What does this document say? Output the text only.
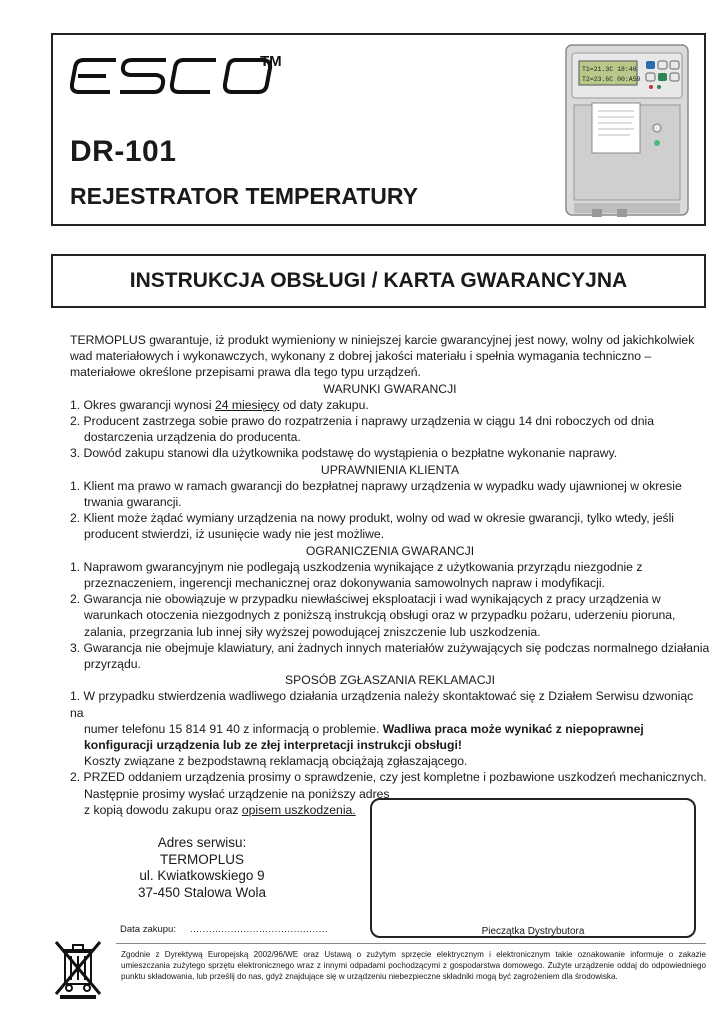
TM
DR-101
REJESTRATOR TEMPERATURY
T1=21.3C 18:46
T2=23.6C 00:A59
INSTRUKCJA OBSŁUGI / KARTA GWARANCYJNA

TERMOPLUS gwarantuje, iż produkt wymieniony w niniejszej karcie gwarancyjnej jest nowy, wolny od jakichkolwiek wad materiałowych i wykonawczych, wykonany z dobrej jakości materiału i spełnia wymagania techniczno – materiałowe określone przepisami prawa dla tego typu urządzeń.

WARUNKI GWARANCJI

1. Okres gwarancji wynosi 24 miesięcy od daty zakupu.

2. Producent zastrzega sobie prawo do rozpatrzenia i naprawy urządzenia w ciągu 14 dni roboczych od dnia

dostarczenia urządzenia do producenta.

3. Dowód zakupu stanowi dla użytkownika podstawę do wystąpienia o bezpłatne wykonanie naprawy.

UPRAWNIENIA KLIENTA

1. Klient ma prawo w ramach gwarancji do bezpłatnej naprawy urządzenia w wypadku wady ujawnionej w okresie

trwania gwarancji.

2. Klient może żądać wymiany urządzenia na nowy produkt, wolny od wad w okresie gwarancji, tylko wtedy, jeśli

producent stwierdzi, iż usunięcie wady nie jest możliwe.

OGRANICZENIA GWARANCJI

1. Naprawom gwarancyjnym nie podlegają uszkodzenia wynikające z użytkowania przyrządu niezgodnie z

przeznaczeniem, ingerencji mechanicznej oraz dokonywania samowolnych napraw i modyfikacji.

2. Gwarancja nie obowiązuje w przypadku niewłaściwej eksploatacji i wad wynikających z pracy urządzenia w

warunkach otoczenia niezgodnych z poniższą instrukcją obsługi oraz w przypadku pożaru, uderzeniu pioruna,

zalania, przegrzania lub innej siły wyższej powodującej zniszczenie lub uszkodzenia.

3. Gwarancja nie obejmuje klawiatury, ani żadnych innych materiałów zużywających się podczas normalnego działania

przyrządu.

SPOSÓB ZGŁASZANIA REKLAMACJI

1. W przypadku stwierdzenia wadliwego działania urządzenia należy skontaktować się z Działem Serwisu dzwoniąc na

numer telefonu 15 814 91 40 z informacją o problemie. Wadliwa praca może wynikać z niepoprawnej

konfiguracji urządzenia lub ze złej interpretacji instrukcji obsługi!

Koszty związane z bezpodstawną reklamacją obciążają zgłaszającego.

2. PRZED oddaniem urządzenia prosimy o sprawdzenie, czy jest kompletne i pozbawione uszkodzeń mechanicznych.

Następnie prosimy wysłać urządzenie na poniższy adres

z kopią dowodu zakupu oraz opisem uszkodzenia.

Adres serwisu:
TERMOPLUS
ul. Kwiatkowskiego 9
37-450 Stalowa Wola
Pieczątka Dystrybutora
Data zakupu: ............................................
Zgodnie z Dyrektywą Europejską 2002/96/WE oraz Ustawą o zużytym sprzęcie elektrycznym i elektronicznym takie oznakowanie informuje o zakazie umieszczania zużytego sprzętu elektronicznego wraz z innymi odpadami pochodzącymi z gospodarstwa domowego. Zużyte urządzenie oddaj do odpowiedniego punktu składowania, lub prześlij do nas, gdyż znajdujące się w urządzeniu niebezpieczne składniki mogą być zagrożeniem dla środowiska.
